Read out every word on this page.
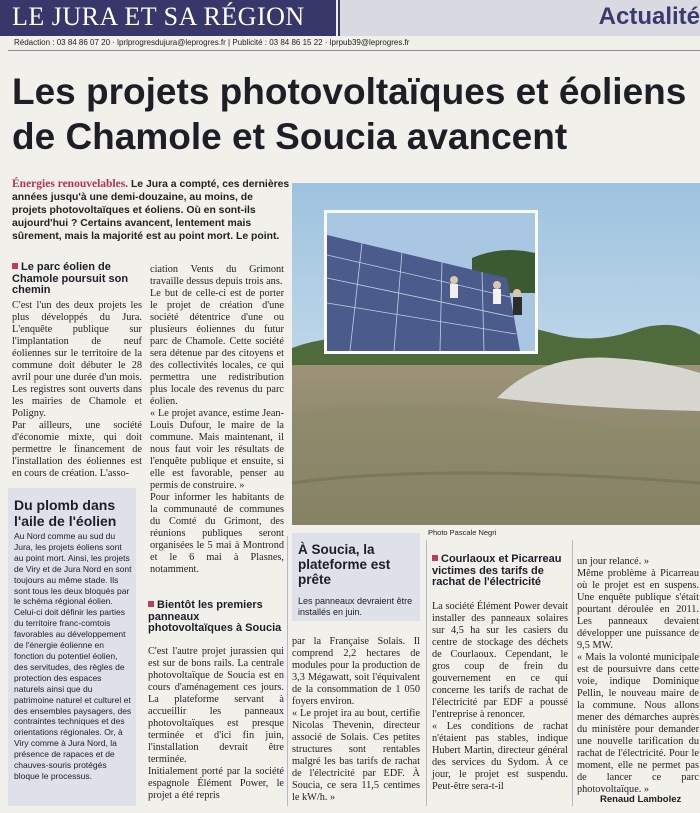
LE JURA ET SA RÉGION	Actualité
Rédaction : 03 84 86 07 20 · lprlprogresdujura@leprogres.fr | Publicité : 03 84 86 15 22 · lprpub39@leprogres.fr
Les projets photovoltaïques et éoliens
de Chamole et Soucia avancent
Énergies renouvelables. Le Jura a compté, ces dernières années jusqu'à une demi-douzaine, au moins, de projets photovoltaïques et éoliens. Où en sont-ils aujourd'hui ? Certains avancent, lentement mais sûrement, mais la majorité est au point mort. Le point.
Photo Pascale Negri
Le parc éolien de Chamole poursuit son chemin

C'est l'un des deux projets les plus développés du Jura. L'enquête publique sur l'implantation de neuf éoliennes sur le territoire de la commune doit débuter le 28 avril pour une durée d'un mois. Les registres sont ouverts dans les mairies de Chamole et Poligny.

Par ailleurs, une société d'économie mixte, qui doit permettre le financement de l'installation des éoliennes est en cours de création. L'asso-

ciation Vents du Grimont travaille dessus depuis trois ans.

Le but de celle-ci est de porter le projet de création d'une société détentrice d'une ou plusieurs éoliennes du futur parc de Chamole. Cette société sera détenue par des citoyens et des collectivités locales, ce qui permettra une redistribution plus locale des revenus du parc éolien.

« Le projet avance, estime Jean-Louis Dufour, le maire de la commune. Mais maintenant, il nous faut voir les résultats de l'enquête publique et ensuite, si elle est favorable, penser au permis de construire. »

Pour informer les habitants de la communauté de communes du Comté du Grimont, des réunions publiques seront organisées le 5 mai à Montrond et le 6 mai à Plasnes, notamment.

Du plomb dans l'aile de l'éolien
Au Nord comme au sud du Jura, les projets éoliens sont au point mort. Ainsi, les projets de Viry et de Jura Nord en sont toujours au même stade. Ils sont tous les deux bloqués par le schéma régional éolien. Celui-ci doit définir les parties du territoire franc-comtois favorables au développement de l'énergie éolienne en fonction du potentiel éolien, des servitudes, des règles de protection des espaces naturels ainsi que du patrimoine naturel et culturel et des ensembles paysagers, des contraintes techniques et des orientations régionales. Or, à Viry comme à Jura Nord, la présence de rapaces et de chauves-souris protégés bloque le processus.
Bientôt les premiers panneaux photovoltaïques à Soucia

C'est l'autre projet jurassien qui est sur de bons rails. La centrale photovoltaïque de Soucia est en cours d'aménagement ces jours. La plateforme servant à accueillir les panneaux photovoltaïques est presque terminée et d'ici fin juin, l'installation devrait être terminée.

Initialement porté par la société espagnole Élément Power, le projet a été repris

par la Française Solais. Il comprend 2,2 hectares de modules pour la production de 3,3 Mégawatt, soit l'équivalent de la consommation de 1 050 foyers environ.

« Le projet ira au bout, certifie Nicolas Thevenin, directeur associé de Solais. Ces petites structures sont rentables malgré les bas tarifs de rachat de l'électricité par EDF. À Soucia, ce sera 11,5 centimes le kW/h. »

À Soucia, la plateforme est prête
Les panneaux devraient être installés en juin.
Courlaoux et Picarreau victimes des tarifs de rachat de l'électricité

La société Élément Power devait installer des panneaux solaires sur 4,5 ha sur les casiers du centre de stockage des déchets de Courlaoux. Cependant, le gros coup de frein du gouvernement en ce qui concerne les tarifs de rachat de l'électricité par EDF a poussé l'entreprise à renoncer.

« Les conditions de rachat n'étaient pas stables, indique Hubert Martin, directeur général des services du Sydom. À ce jour, le projet est suspendu. Peut-être sera-t-il

un jour relancé. »

Même problème à Picarreau où le projet est en suspens. Une enquête publique s'était pourtant déroulée en 2011. Les panneaux devaient développer une puissance de 9,5 MW.

« Mais la volonté municipale est de poursuivre dans cette voie, indique Dominique Pellin, le nouveau maire de la commune. Nous allons mener des démarches auprès du ministère pour demander une nouvelle tarification du rachat de l'électricité. Pour le moment, elle ne permet pas de lancer ce parc photovoltaïque. »

Renaud Lambolez
